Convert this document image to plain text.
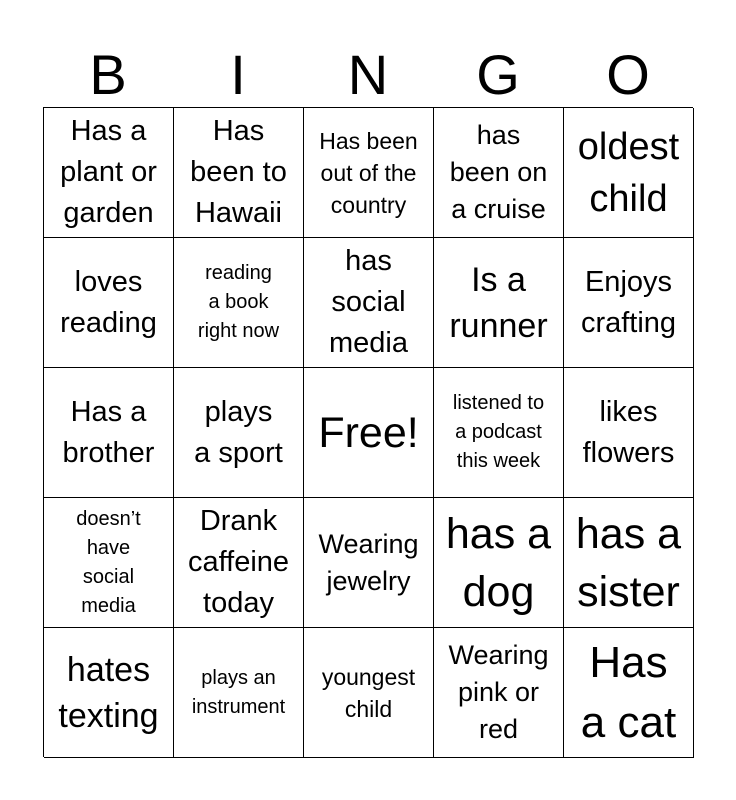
B	I	N	G	O
Has a
plant or
garden
Has
been to
Hawaii
Has been
out of the
country
has
been on
a cruise
oldest
child
loves
reading
reading
a book
right now
has
social
media
Is a
runner
Enjoys
crafting
Has a
brother
plays
a sport Free!
listened to
a podcast
this week
likes
flowers
doesn’t
have
social
media
Drank
caffeine
today
Wearing
jewelry
has a
dog
has a
sister
hates
texting
plays an
instrument
youngest
child
Wearing
pink or
red
Has
a cat
